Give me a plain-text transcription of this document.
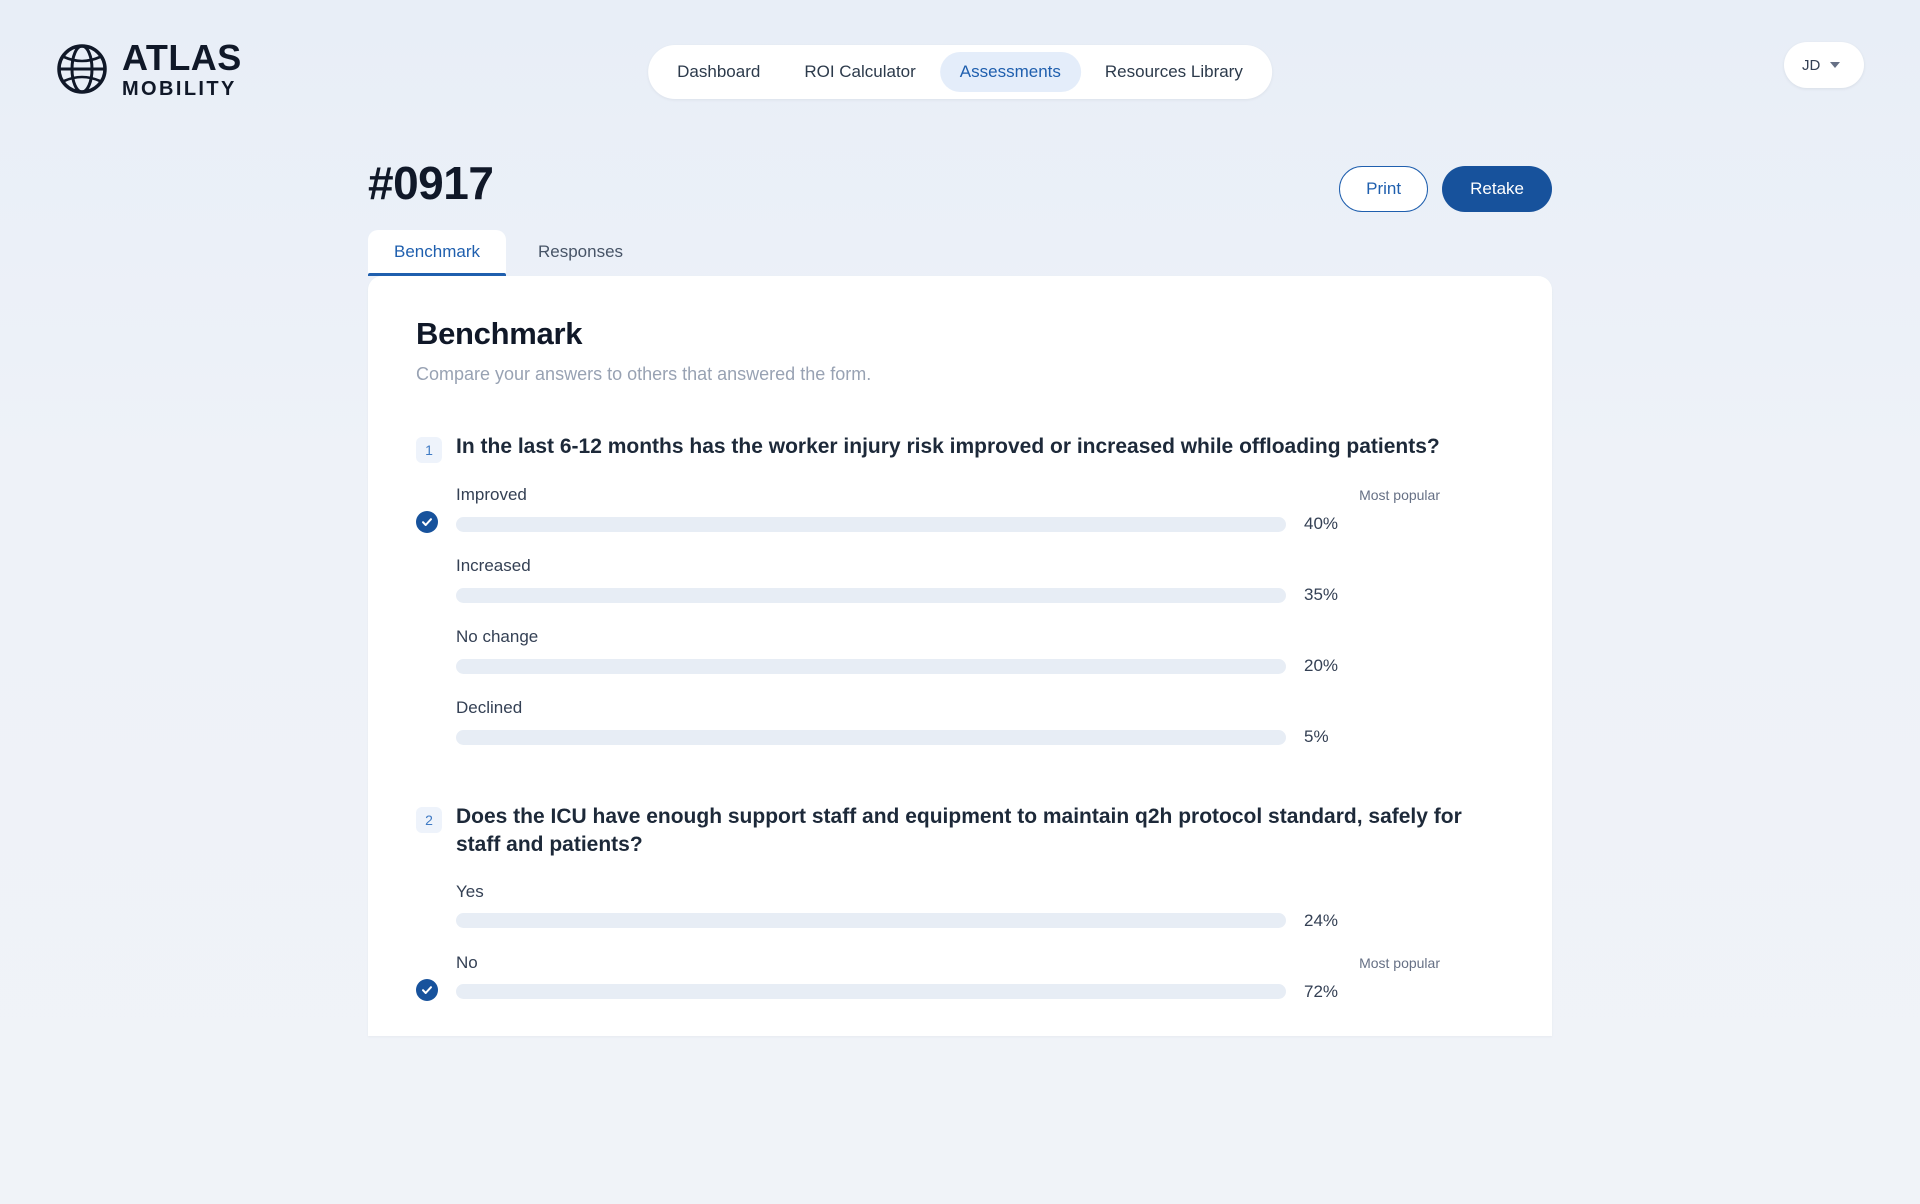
ATLAS
MOBILITY
Dashboard	ROI Calculator	Assessments	Resources Library	JD
#0917	Print	Retake
Benchmark	Responses
Benchmark
Compare your answers to others that answered the form.
1	In the last 6-12 months has the worker injury risk improved or increased while offloading patients?
Improved	Most popular
40%
Increased
35%
No change
20%
Declined
5%
2	Does the ICU have enough support staff and equipment to maintain q2h protocol standard, safely for staff and patients?
Yes
24%
No	Most popular
72%
